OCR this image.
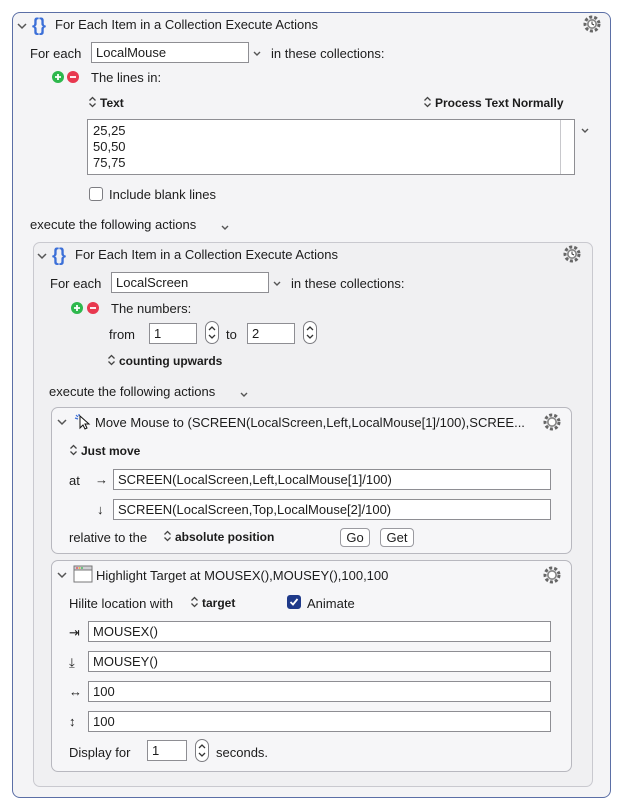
{} For Each Item in a Collection Execute Actions
For each	LocalMouse	in these collections:
The lines in:
Text	Process Text Normally
25,25
50,50
75,75
Include blank lines
execute the following actions
{} For Each Item in a Collection Execute Actions
For each	LocalScreen	in these collections:
The numbers:
from	1	to	2
counting upwards
execute the following actions
Move Mouse to (SCREEN(LocalScreen,Left,LocalMouse[1]/100),SCREE...
Just move
at → SCREEN(LocalScreen,Left,LocalMouse[1]/100)
↓	SCREEN(LocalScreen,Top,LocalMouse[2]/100)
relative to the	absolute position	Go	Get
Highlight Target at MOUSEX(),MOUSEY(),100,100
Hilite location with	target	Animate
⇥	MOUSEX()
⤓	MOUSEY()
↔ 100
↕	100
Display for	1	seconds.
